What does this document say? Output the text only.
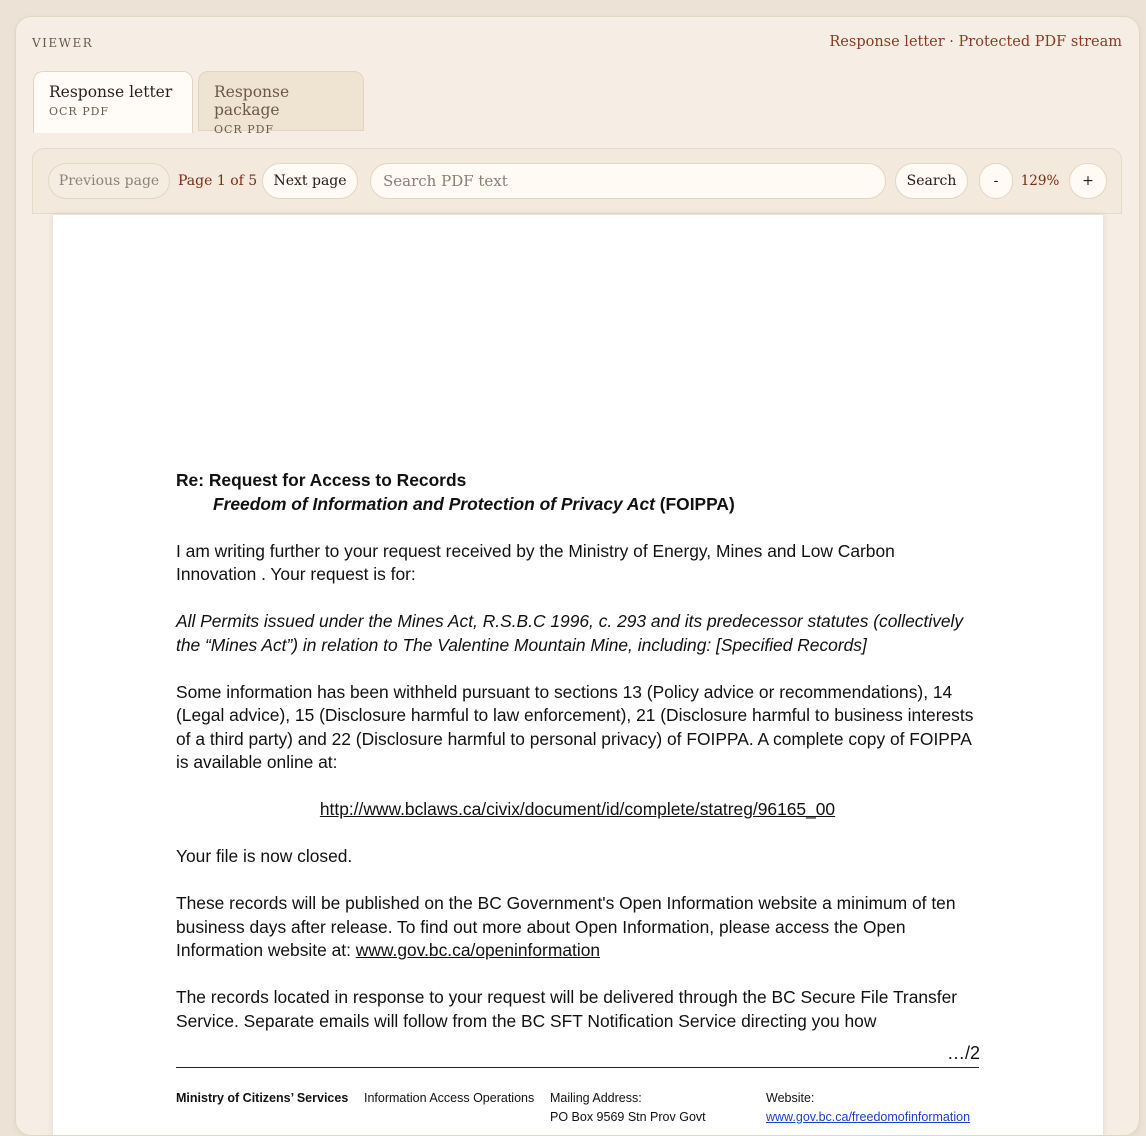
VIEWER	Response letter · Protected PDF stream
Response letter
OCR PDF
Response package
OCR PDF
Previous page	Page 1 of 5	Next page
Search PDF text	Search	-	129%	+

Re: Request for Access to Records

Freedom of Information and Protection of Privacy Act (FOIPPA)

I am writing further to your request received by the Ministry of Energy, Mines and Low Carbon Innovation . Your request is for:

All Permits issued under the Mines Act, R.S.B.C 1996, c. 293 and its predecessor statutes (collectively the “Mines Act”) in relation to The Valentine Mountain Mine, including: [Specified Records]

Some information has been withheld pursuant to sections 13 (Policy advice or recommendations), 14 (Legal advice), 15 (Disclosure harmful to law enforcement), 21 (Disclosure harmful to business interests of a third party) and 22 (Disclosure harmful to personal privacy) of FOIPPA. A complete copy of FOIPPA is available online at:

http://www.bclaws.ca/civix/document/id/complete/statreg/96165_00

Your file is now closed.

These records will be published on the BC Government's Open Information website a minimum of ten business days after release. To find out more about Open Information, please access the Open Information website at: www.gov.bc.ca/openinformation

The records located in response to your request will be delivered through the BC Secure File Transfer Service. Separate emails will follow from the BC SFT Notification Service directing you how

…/2
Ministry of Citizens’ Services Information Access Operations Mailing Address:
PO Box 9569 Stn Prov Govt
Website:
www.gov.bc.ca/freedomofinformation
